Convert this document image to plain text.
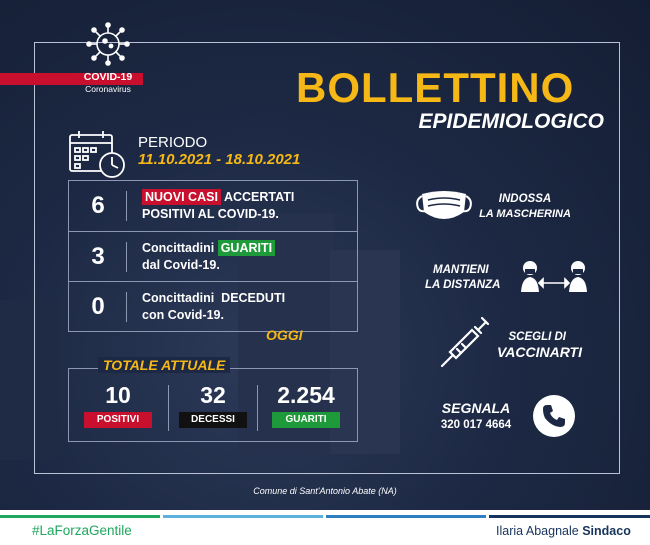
COVID-19
Coronavirus	BOLLETTINO
EPIDEMIOLOGICO
PERIODO
11.10.2021 - 18.10.2021
6	NUOVI CASI ACCERTATI
POSITIVI AL COVID-19.
3	Concittadini GUARITI
dal Covid-19.
0	Concittadini  DECEDUTI
con Covid-19.
OGGI
TOTALE ATTUALE
10
POSITIVI
32
DECESSI
2.254
GUARITI
INDOSSA
LA MASCHERINA
MANTIENI
LA DISTANZA
SCEGLI DI
VACCINARTI
SEGNALA
320 017 4664
Comune di Sant'Antonio Abate (NA)
#LaForzaGentile	Ilaria Abagnale Sindaco
